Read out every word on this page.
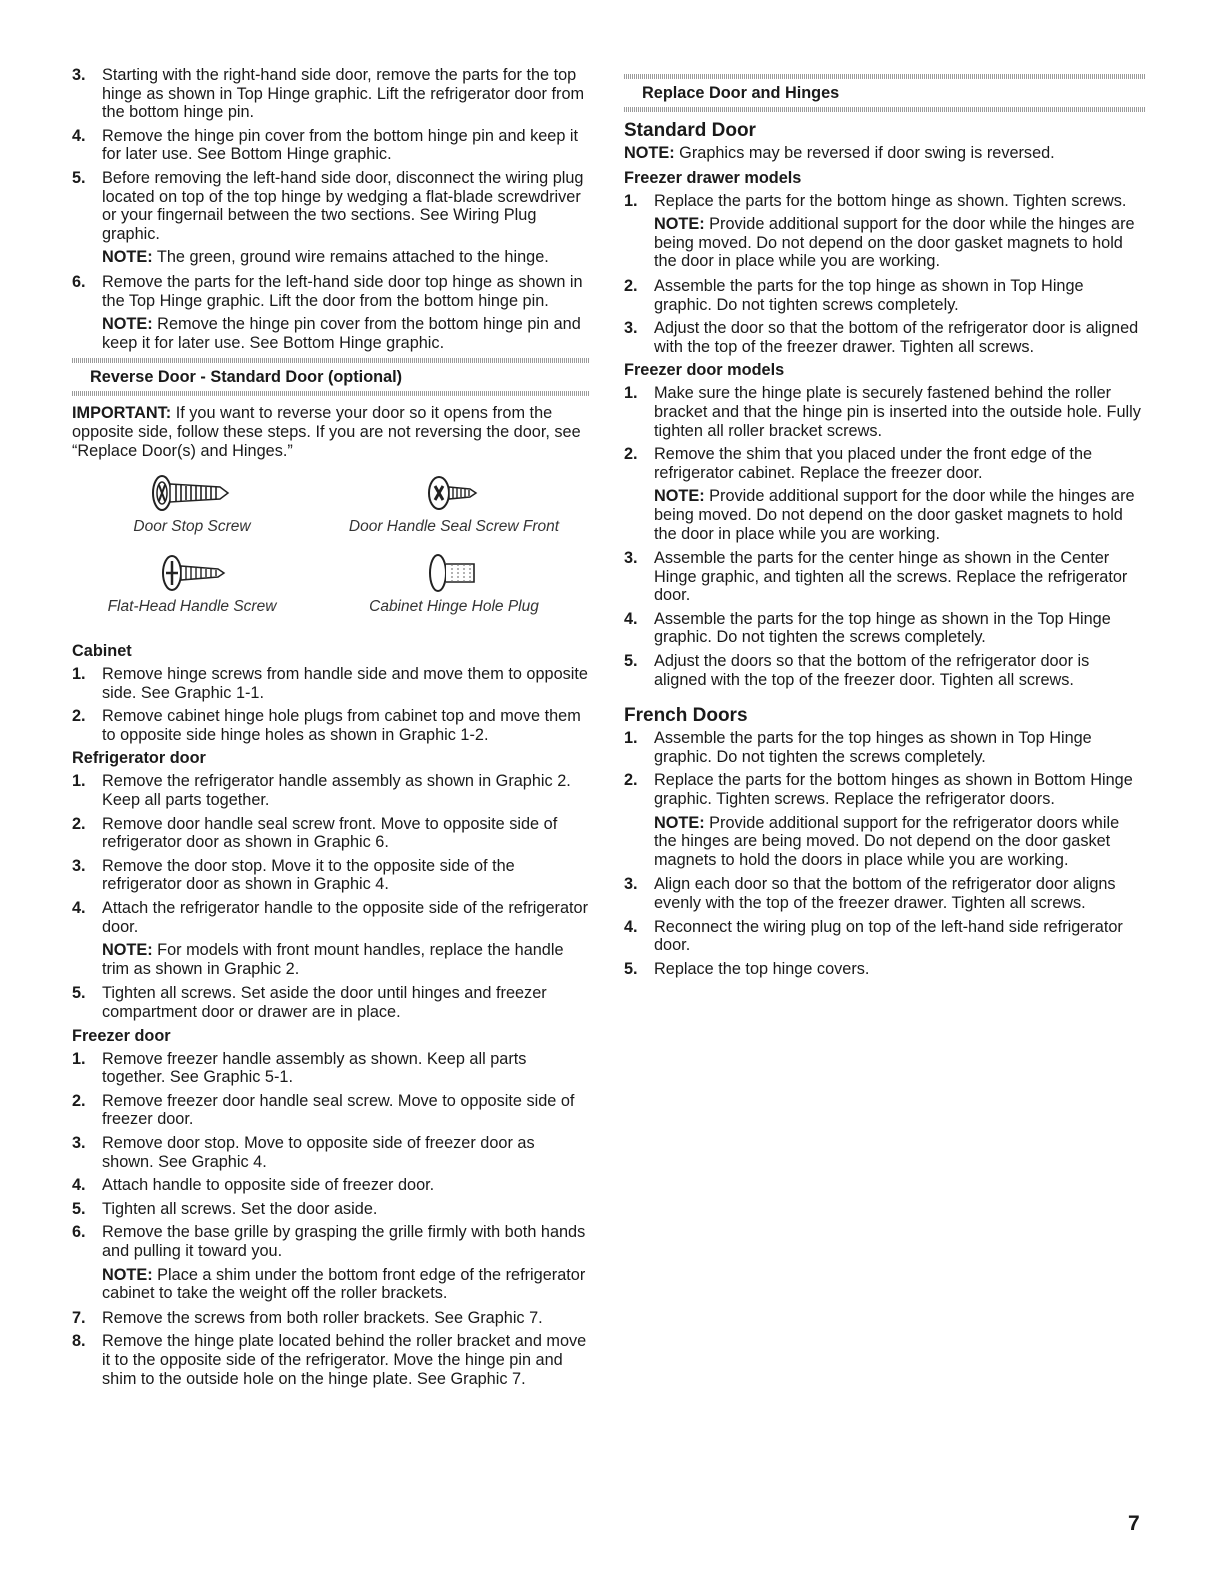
3.	Starting with the right-hand side door, remove the parts for the top hinge as shown in Top Hinge graphic. Lift the refrigerator door from the bottom hinge pin.
4.	Remove the hinge pin cover from the bottom hinge pin and keep it for later use. See Bottom Hinge graphic.
5.	Before removing the left-hand side door, disconnect the wiring plug located on top of the top hinge by wedging a flat-blade screwdriver or your fingernail between the two sections. See Wiring Plug graphic.
NOTE: The green, ground wire remains attached to the hinge.
6.	Remove the parts for the left-hand side door top hinge as shown in the Top Hinge graphic. Lift the door from the bottom hinge pin.
NOTE: Remove the hinge pin cover from the bottom hinge pin and keep it for later use. See Bottom Hinge graphic.
Reverse Door - Standard Door (optional)
IMPORTANT: If you want to reverse your door so it opens from the opposite side, follow these steps. If you are not reversing the door, see “Replace Door(s) and Hinges.”
Door Stop Screw	Door Handle Seal Screw Front
Flat-Head Handle Screw	Cabinet Hinge Hole Plug
Cabinet
1.	Remove hinge screws from handle side and move them to opposite side. See Graphic 1-1.
2.	Remove cabinet hinge hole plugs from cabinet top and move them to opposite side hinge holes as shown in Graphic 1-2.
Refrigerator door
1.	Remove the refrigerator handle assembly as shown in Graphic 2. Keep all parts together.
2.	Remove door handle seal screw front. Move to opposite side of refrigerator door as shown in Graphic 6.
3.	Remove the door stop. Move it to the opposite side of the refrigerator door as shown in Graphic 4.
4.	Attach the refrigerator handle to the opposite side of the refrigerator door.
NOTE: For models with front mount handles, replace the handle trim as shown in Graphic 2.
5.	Tighten all screws. Set aside the door until hinges and freezer compartment door or drawer are in place.
Freezer door
1.	Remove freezer handle assembly as shown. Keep all parts together. See Graphic 5-1.
2.	Remove freezer door handle seal screw. Move to opposite side of freezer door.
3.	Remove door stop. Move to opposite side of freezer door as shown. See Graphic 4.
4.	Attach handle to opposite side of freezer door.
5.	Tighten all screws. Set the door aside.
6.	Remove the base grille by grasping the grille firmly with both hands and pulling it toward you.
NOTE: Place a shim under the bottom front edge of the refrigerator cabinet to take the weight off the roller brackets.
7.	Remove the screws from both roller brackets. See Graphic 7.
8.	Remove the hinge plate located behind the roller bracket and move it to the opposite side of the refrigerator. Move the hinge pin and shim to the outside hole on the hinge plate. See Graphic 7.
Replace Door and Hinges
Standard Door
NOTE: Graphics may be reversed if door swing is reversed.
Freezer drawer models
1.	Replace the parts for the bottom hinge as shown. Tighten screws.
NOTE: Provide additional support for the door while the hinges are being moved. Do not depend on the door gasket magnets to hold the door in place while you are working.
2.	Assemble the parts for the top hinge as shown in Top Hinge graphic. Do not tighten screws completely.
3.	Adjust the door so that the bottom of the refrigerator door is aligned with the top of the freezer drawer. Tighten all screws.
Freezer door models
1.	Make sure the hinge plate is securely fastened behind the roller bracket and that the hinge pin is inserted into the outside hole. Fully tighten all roller bracket screws.
2.	Remove the shim that you placed under the front edge of the refrigerator cabinet. Replace the freezer door.
NOTE: Provide additional support for the door while the hinges are being moved. Do not depend on the door gasket magnets to hold the door in place while you are working.
3.	Assemble the parts for the center hinge as shown in the Center Hinge graphic, and tighten all the screws. Replace the refrigerator door.
4.	Assemble the parts for the top hinge as shown in the Top Hinge graphic. Do not tighten the screws completely.
5.	Adjust the doors so that the bottom of the refrigerator door is aligned with the top of the freezer door. Tighten all screws.
French Doors
1.	Assemble the parts for the top hinges as shown in Top Hinge graphic. Do not tighten the screws completely.
2.	Replace the parts for the bottom hinges as shown in Bottom Hinge graphic. Tighten screws. Replace the refrigerator doors.
NOTE: Provide additional support for the refrigerator doors while the hinges are being moved. Do not depend on the door gasket magnets to hold the doors in place while you are working.
3.	Align each door so that the bottom of the refrigerator door aligns evenly with the top of the freezer drawer. Tighten all screws.
4.	Reconnect the wiring plug on top of the left-hand side refrigerator door.
5.	Replace the top hinge covers.
7
